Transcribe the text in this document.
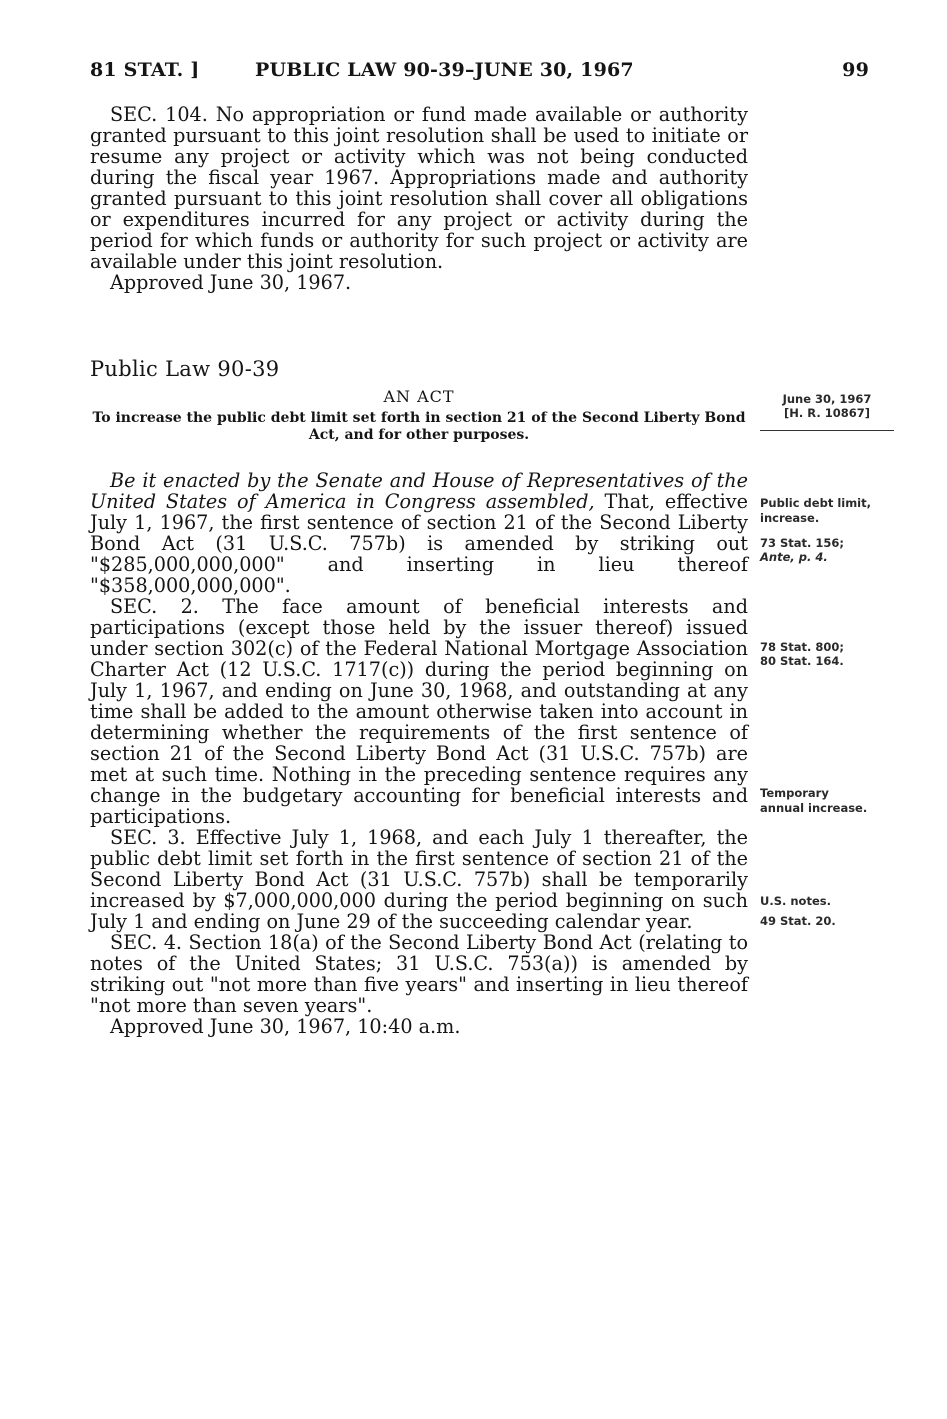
81 STAT. ]	PUBLIC LAW 90-39–JUNE 30, 1967	99

SEC. 104. No appropriation or fund made available or authority granted pursuant to this joint resolution shall be used to initiate or resume any project or activity which was not being conducted during the fiscal year 1967. Appropriations made and authority granted pursuant to this joint resolution shall cover all obligations or expenditures incurred for any project or activity during the period for which funds or authority for such project or activity are available under this joint resolution.

Approved June 30, 1967.

Public Law 90-39
AN ACT
To increase the public debt limit set forth in section 21 of the Second Liberty Bond Act, and for other purposes.

Be it enacted by the Senate and House of Representatives of the United States of America in Congress assembled, That, effective July 1, 1967, the first sentence of section 21 of the Second Liberty Bond Act (31 U.S.C. 757b) is amended by striking out "$285,000,000,000" and inserting in lieu thereof "$358,000,000,000".

SEC. 2. The face amount of beneficial interests and participations (except those held by the issuer thereof) issued under section 302(c) of the Federal National Mortgage Association Charter Act (12 U.S.C. 1717(c)) during the period beginning on July 1, 1967, and ending on June 30, 1968, and outstanding at any time shall be added to the amount otherwise taken into account in determining whether the requirements of the first sentence of section 21 of the Second Liberty Bond Act (31 U.S.C. 757b) are met at such time. Nothing in the preceding sentence requires any change in the budgetary accounting for beneficial interests and participations.

SEC. 3. Effective July 1, 1968, and each July 1 thereafter, the public debt limit set forth in the first sentence of section 21 of the Second Liberty Bond Act (31 U.S.C. 757b) shall be temporarily increased by $7,000,000,000 during the period beginning on such July 1 and ending on June 29 of the succeeding calendar year.

SEC. 4. Section 18(a) of the Second Liberty Bond Act (relating to notes of the United States; 31 U.S.C. 753(a)) is amended by striking out "not more than five years" and inserting in lieu thereof "not more than seven years".

Approved June 30, 1967, 10:40 a.m.

June 30, 1967
[H. R. 10867]
Public debt limit, increase.
73 Stat. 156;
Ante, p. 4.
78 Stat. 800;
80 Stat. 164.
Temporary annual increase.
U.S. notes.
49 Stat. 20.
